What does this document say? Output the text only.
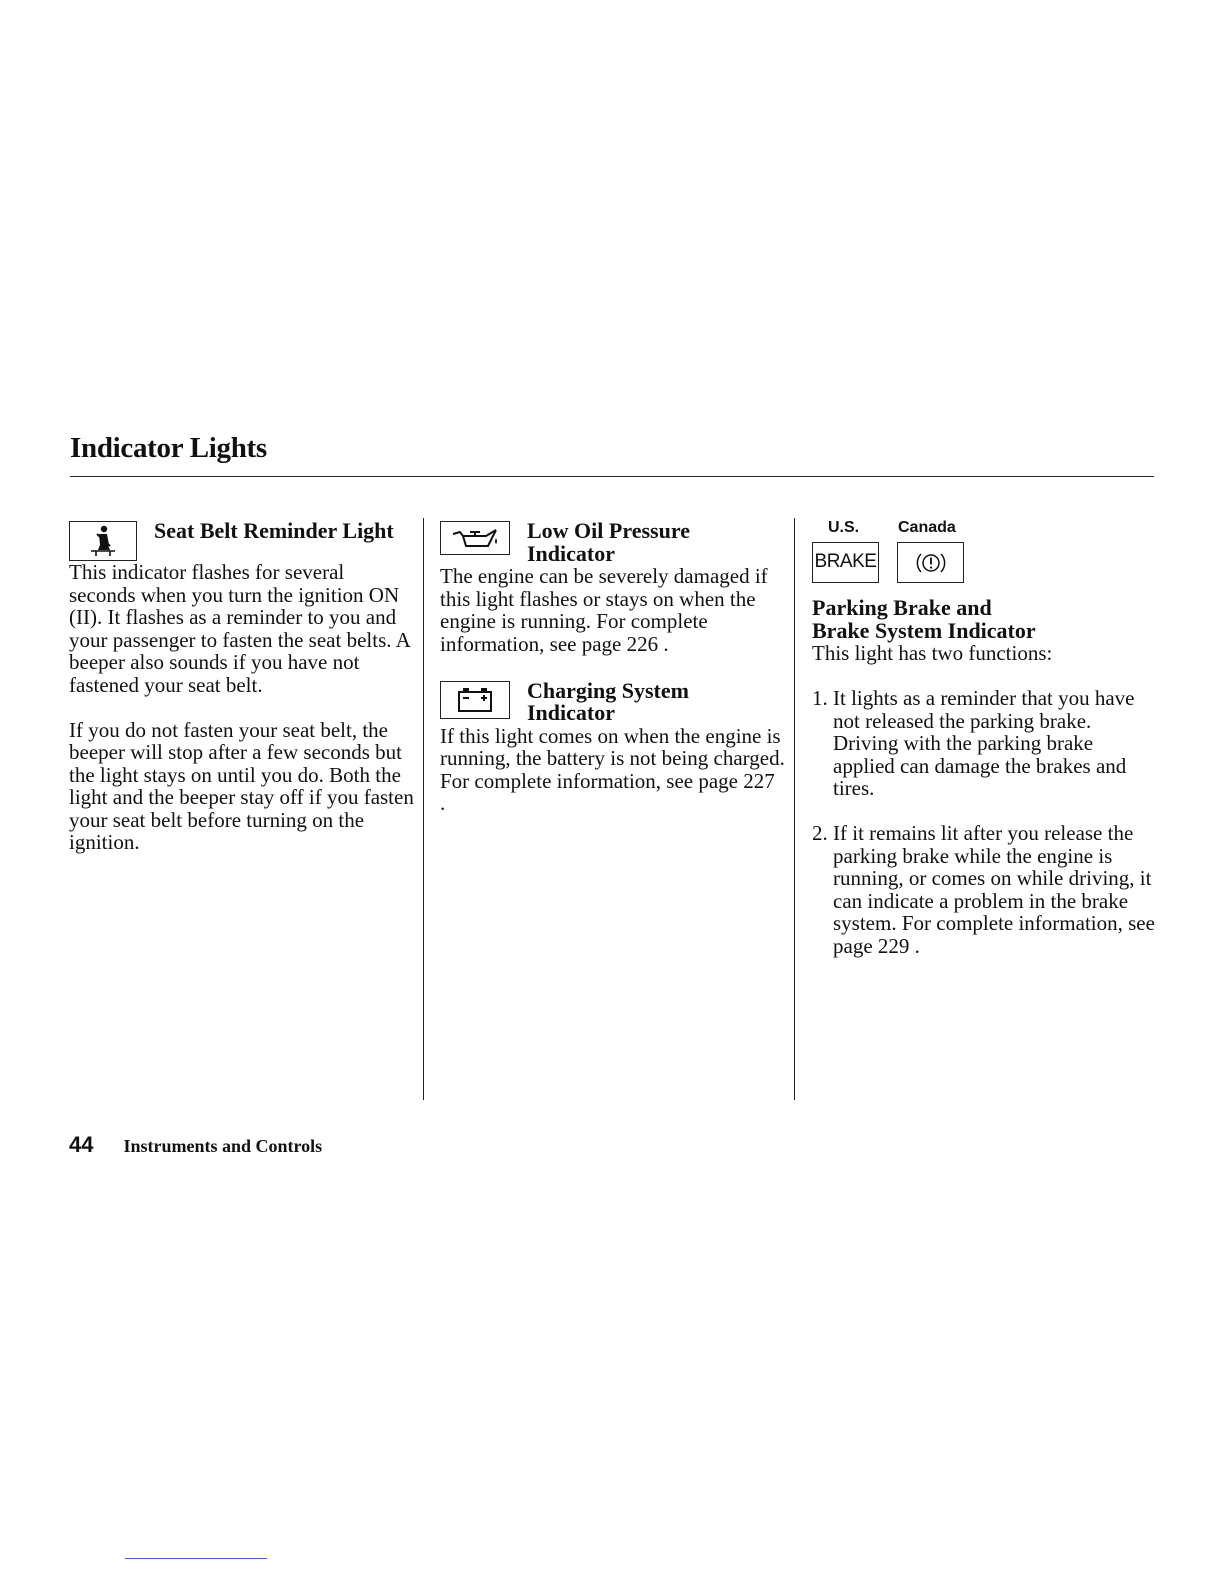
Indicator Lights
Seat Belt Reminder Light

This indicator flashes for several seconds when you turn the ignition ON (II). It flashes as a reminder to you and your passenger to fasten the seat belts. A beeper also sounds if you have not fastened your seat belt.

If you do not fasten your seat belt, the beeper will stop after a few seconds but the light stays on until you do. Both the light and the beeper stay off if you fasten your seat belt before turning on the ignition.

Low Oil Pressure
Indicator

The engine can be severely damaged if this light flashes or stays on when the engine is running. For complete information, see page 226 .

Charging System
Indicator

If this light comes on when the engine is running, the battery is not being charged. For complete information, see page 227 .

U.S.	Canada
BRAKE
Parking Brake and
Brake System Indicator

This light has two functions:

1. It lights as a reminder that you have not released the parking brake. Driving with the parking brake applied can damage the brakes and tires.
2. If it remains lit after you release the parking brake while the engine is running, or comes on while driving, it can indicate a problem in the brake system. For complete information, see page 229 .
44 Instruments and Controls
